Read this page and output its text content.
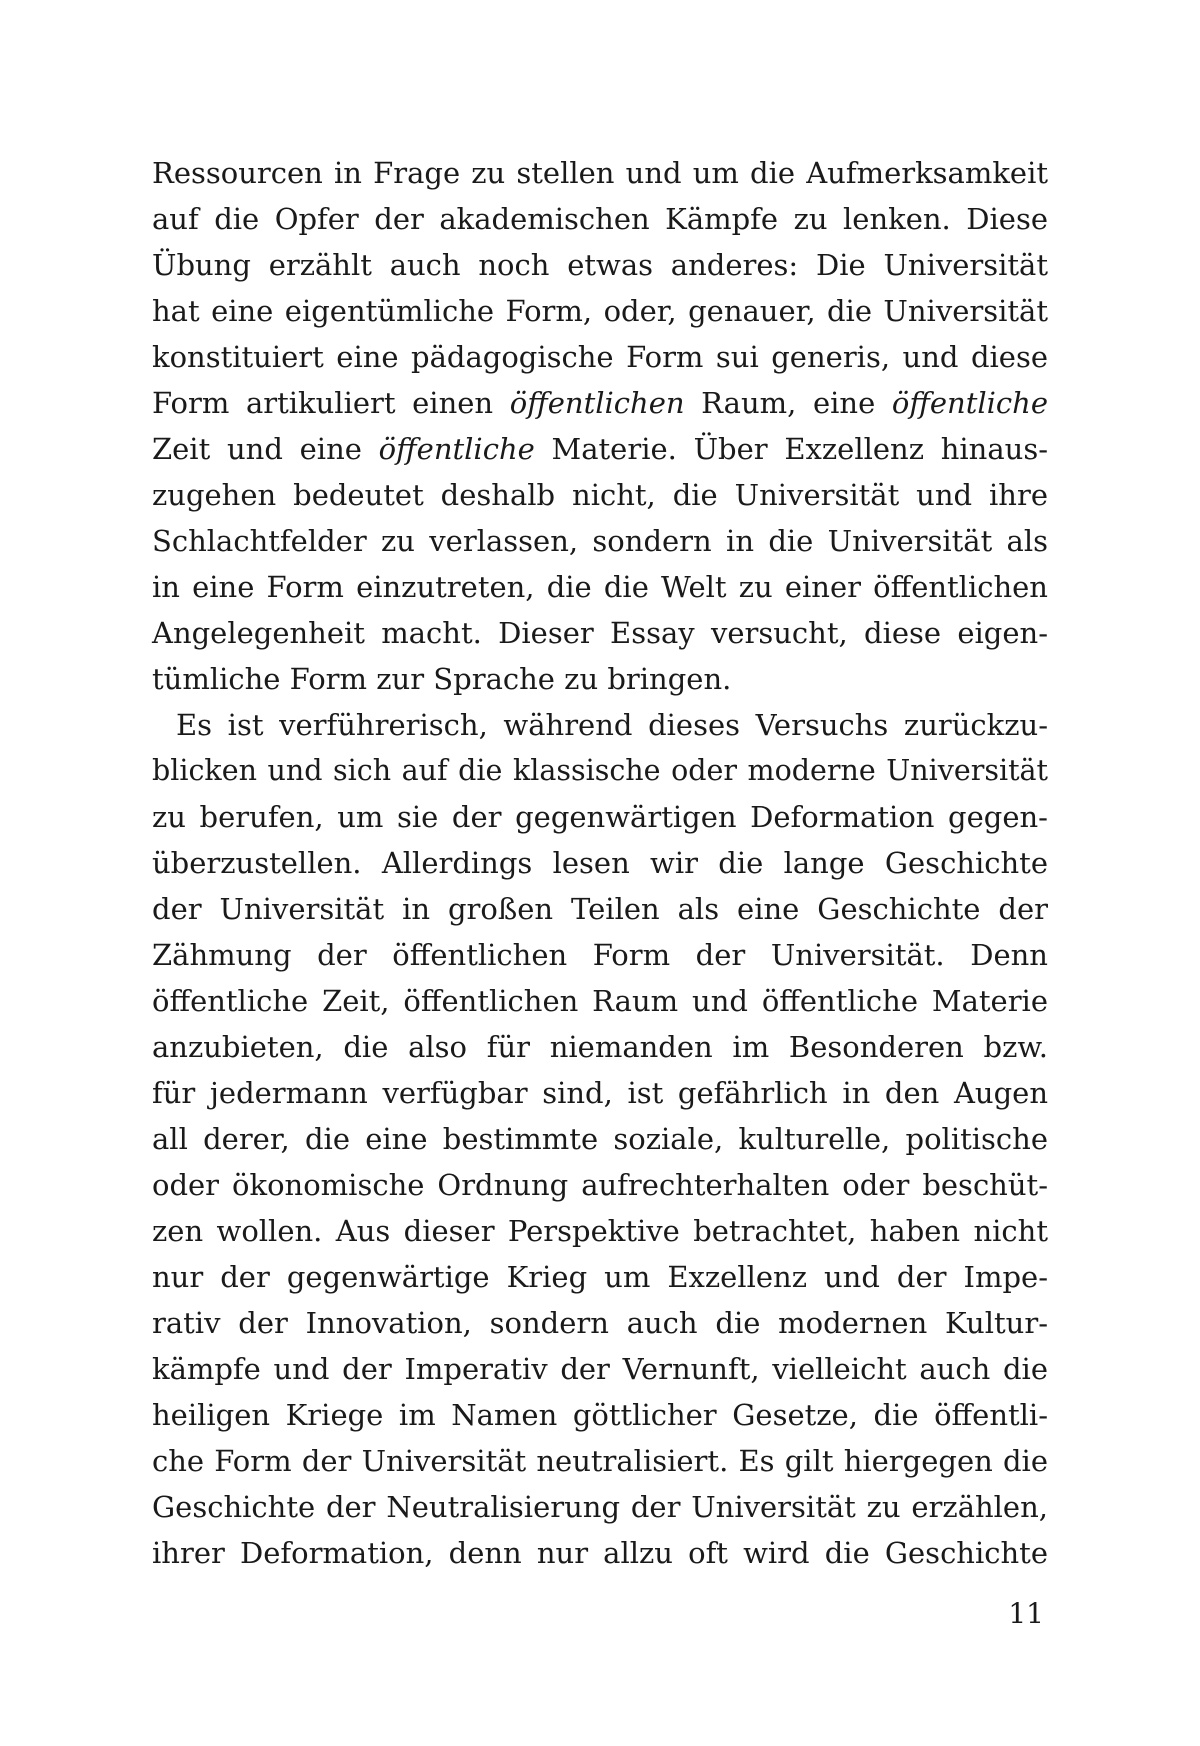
Ressourcen in Frage zu stellen und um die Aufmerksamkeit
auf die Opfer der akademischen Kämpfe zu lenken. Diese
Übung erzählt auch noch etwas anderes: Die Universität
hat eine eigentümliche Form, oder, genauer, die Universität
konstituiert eine pädagogische Form sui generis, und diese
Form artikuliert einen öffentlichen Raum, eine öffentliche
Zeit und eine öffentliche Materie. Über Exzellenz hinaus-
zugehen bedeutet deshalb nicht, die Universität und ihre
Schlachtfelder zu verlassen, sondern in die Universität als
in eine Form einzutreten, die die Welt zu einer öffentlichen
Angelegenheit macht. Dieser Essay versucht, diese eigen-
tümliche Form zur Sprache zu bringen.
Es ist verführerisch, während dieses Versuchs zurückzu-
blicken und sich auf die klassische oder moderne Universität
zu berufen, um sie der gegenwärtigen Deformation gegen-
überzustellen. Allerdings lesen wir die lange Geschichte
der Universität in großen Teilen als eine Geschichte der
Zähmung der öffentlichen Form der Universität. Denn
öffentliche Zeit, öffentlichen Raum und öffentliche Materie
anzubieten, die also für niemanden im Besonderen bzw.
für jedermann verfügbar sind, ist gefährlich in den Augen
all derer, die eine bestimmte soziale, kulturelle, politische
oder ökonomische Ordnung aufrechterhalten oder beschüt-
zen wollen. Aus dieser Perspektive betrachtet, haben nicht
nur der gegenwärtige Krieg um Exzellenz und der Impe-
rativ der Innovation, sondern auch die modernen Kultur-
kämpfe und der Imperativ der Vernunft, vielleicht auch die
heiligen Kriege im Namen göttlicher Gesetze, die öffentli-
che Form der Universität neutralisiert. Es gilt hiergegen die
Geschichte der Neutralisierung der Universität zu erzählen,
ihrer Deformation, denn nur allzu oft wird die Geschichte
11
